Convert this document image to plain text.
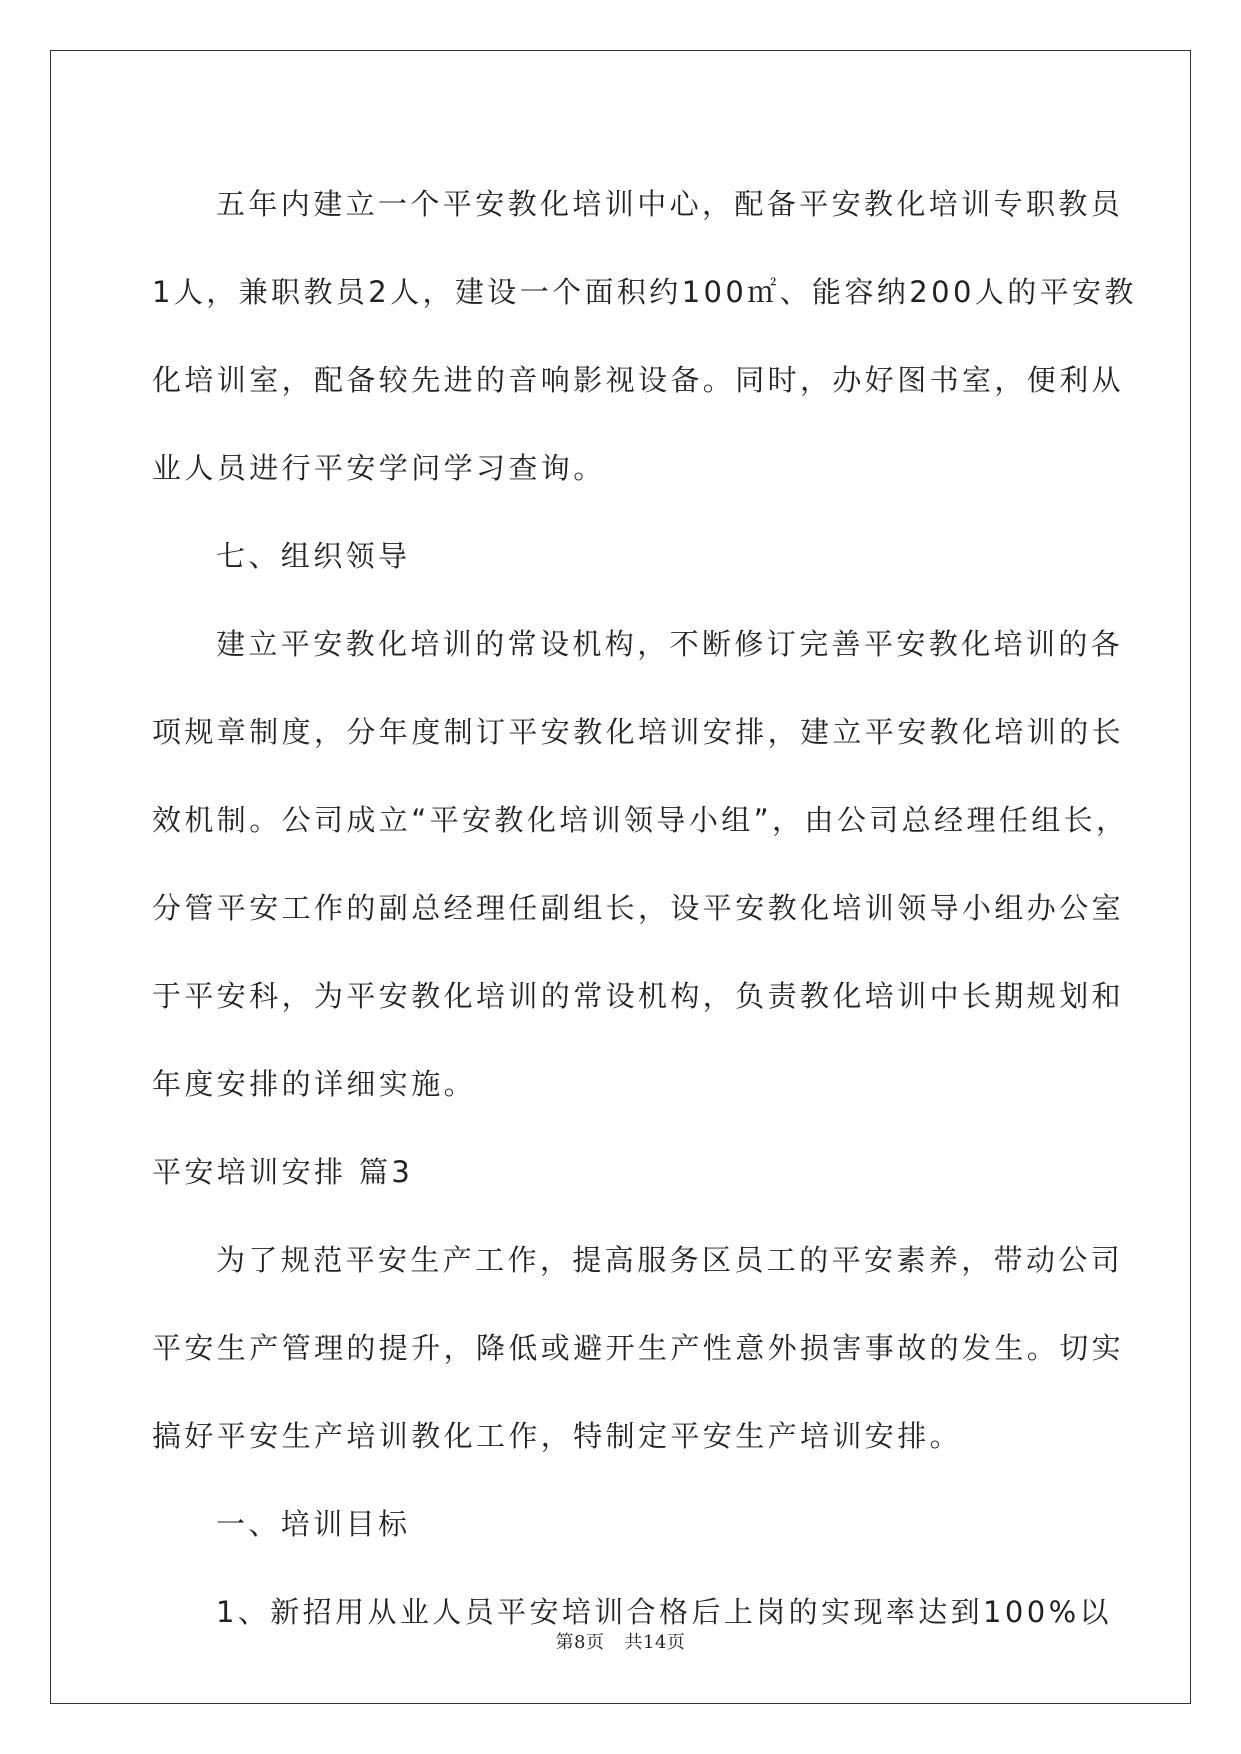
五年内建立一个平安教化培训中心，配备平安教化培训专职教员
1人，兼职教员2人，建设一个面积约100㎡、能容纳200人的平安教
化培训室，配备较先进的音响影视设备。同时，办好图书室，便利从
业人员进行平安学问学习查询。
七、组织领导
建立平安教化培训的常设机构，不断修订完善平安教化培训的各
项规章制度，分年度制订平安教化培训安排，建立平安教化培训的长
效机制。公司成立“平安教化培训领导小组”，由公司总经理任组长，
分管平安工作的副总经理任副组长，设平安教化培训领导小组办公室
于平安科，为平安教化培训的常设机构，负责教化培训中长期规划和
年度安排的详细实施。
平安培训安排 篇3
为了规范平安生产工作，提高服务区员工的平安素养，带动公司
平安生产管理的提升，降低或避开生产性意外损害事故的发生。切实
搞好平安生产培训教化工作，特制定平安生产培训安排。
一、培训目标
1、新招用从业人员平安培训合格后上岗的实现率达到100%以
第8页 共14页
